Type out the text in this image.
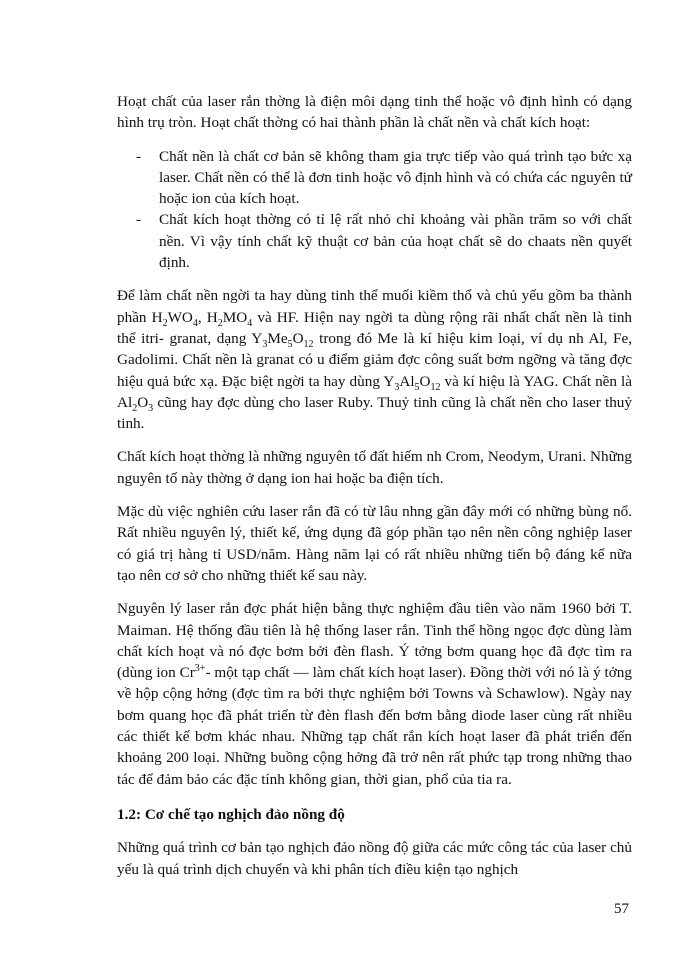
Hoạt chất của laser rắn thờng là điện môi dạng tinh thể hoặc vô định hình có dạng hình trụ tròn. Hoạt chất thờng có hai thành phần là chất nền và chất kích hoạt:

- Chất nền là chất cơ bản sẽ không tham gia trực tiếp vào quá trình tạo bức xạ laser. Chất nền có thể là đơn tinh hoặc vô định hình và có chứa các nguyên tử hoặc ion của kích hoạt.
- Chất kích hoạt thờng có tỉ lệ rất nhỏ chỉ khoảng vài phần trăm so với chất nền. Vì vậy tính chất kỹ thuật cơ bản của hoạt chất sẽ do chaats nền quyết định.

Để làm chất nền ngời ta hay dùng tinh thể muối kiềm thổ và chủ yếu gồm ba thành phần $H_2WO_4$, $H_2MO_4$ và HF. Hiện nay ngời ta dùng rộng rãi nhất chất nền là tinh thể itri- granat, dạng $Y_3Me_5O_{12}$ trong đó Me là kí hiệu kim loại, ví dụ nh Al, Fe, Gadolimi. Chất nền là granat có u điểm giảm đợc công suất bơm ngỡng và tăng đợc hiệu quả bức xạ. Đặc biệt ngời ta hay dùng $Y_3Al_5O_{12}$ và kí hiệu là YAG. Chất nền là $Al_2O_3$ cũng hay đợc dùng cho laser Ruby. Thuỷ tinh cũng là chất nền cho laser thuỷ tinh.

Chất kích hoạt thờng là những nguyên tố đất hiếm nh Crom, Neodym, Urani. Những nguyên tố này thờng ở dạng ion hai hoặc ba điện tích.

Mặc dù việc nghiên cứu laser rắn đã có từ lâu nhng gần đây mới có những bùng nổ. Rất nhiều nguyên lý, thiết kế, ứng dụng đã góp phần tạo nên nền công nghiệp laser có giá trị hàng tỉ USD/năm. Hàng năm lại có rất nhiều những tiến bộ đáng kể nữa tạo nên cơ sở cho những thiết kế sau này.

Nguyên lý laser rắn đợc phát hiện bằng thực nghiệm đầu tiên vào năm 1960 bởi T. Maiman. Hệ thống đầu tiên là hệ thống laser rắn. Tinh thể hồng ngọc đợc dùng làm chất kích hoạt và nó đợc bơm bởi đèn flash. Ý tởng bơm quang học đã đợc tìm ra (dùng ion $Cr^{3+}-$ một tạp chất — làm chất kích hoạt laser). Đồng thời với nó là ý tởng về hộp cộng hởng (đợc tìm ra bởi thực nghiệm bởi Towns và Schawlow). Ngày nay bơm quang học đã phát triển từ đèn flash đến bơm bằng diode laser cùng rất nhiều các thiết kế bơm khác nhau. Những tạp chất rắn kích hoạt laser đã phát triển đến khoảng 200 loại. Những buồng cộng hởng đã trở nên rất phức tạp trong những thao tác để đảm bảo các đặc tính không gian, thời gian, phổ của tia ra.

1.2: Cơ chế tạo nghịch đảo nồng độ

Những quá trình cơ bản tạo nghịch đảo nồng độ giữa các mức công tác của laser chủ yếu là quá trình dịch chuyển và khi phân tích điều kiện tạo nghịch

57
